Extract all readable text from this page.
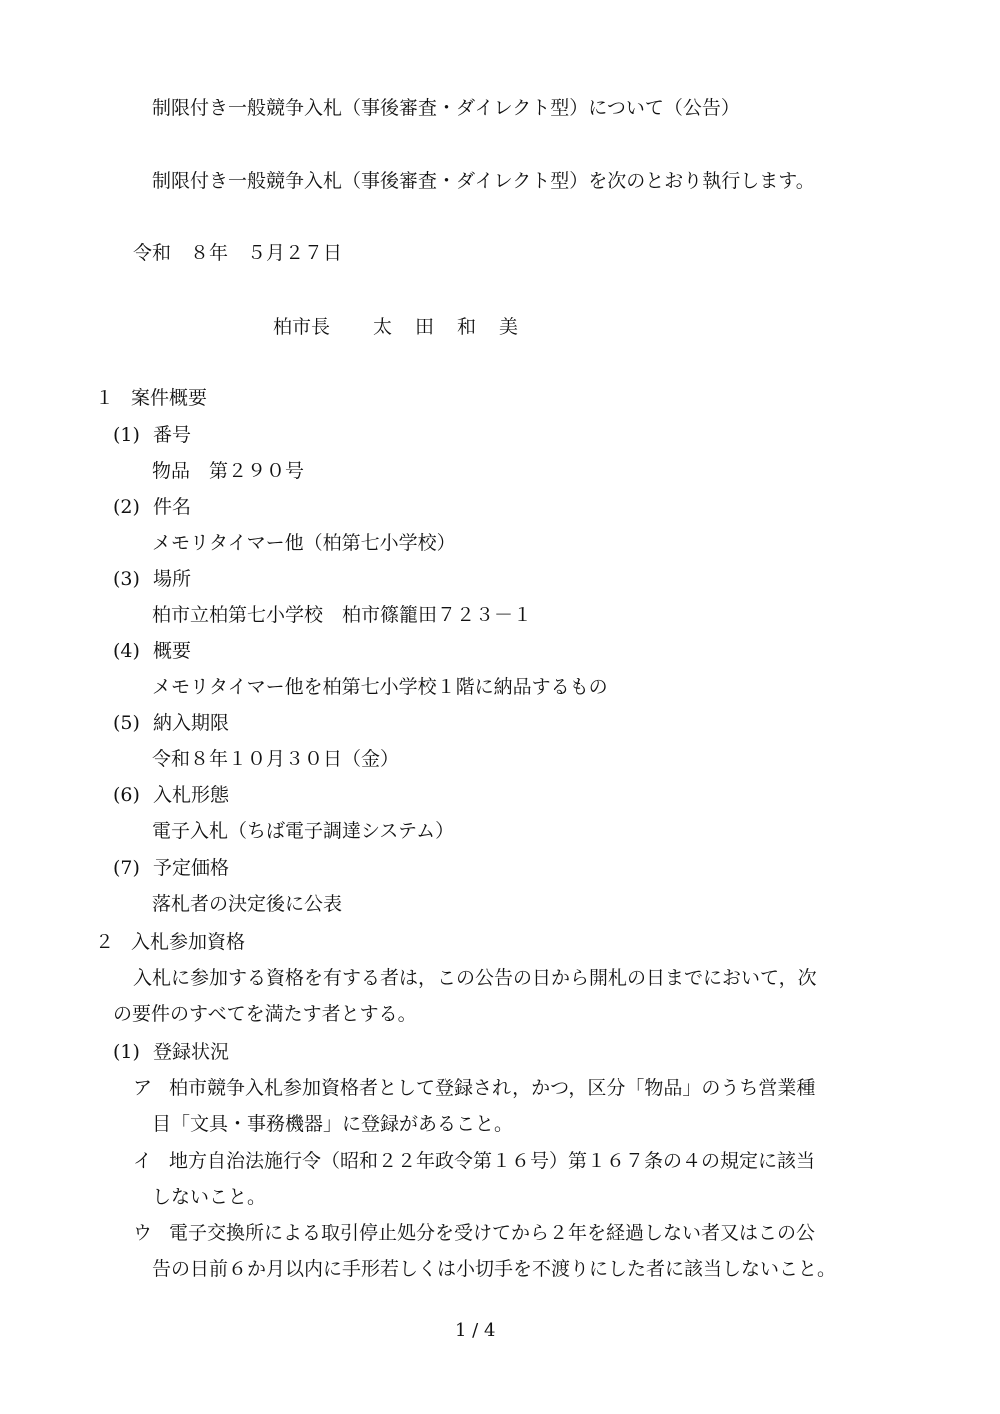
制限付き一般競争入札（事後審査・ダイレクト型）について（公告）
制限付き一般競争入札（事後審査・ダイレクト型）を次のとおり執行します。
令和　８年　５月２７日
柏市長 太 田 和 美
１ 案件概要
(1) 番号
物品　第２９０号
(2) 件名
メモリタイマー他（柏第七小学校）
(3) 場所
柏市立柏第七小学校　柏市篠籠田７２３－１
(4) 概要
メモリタイマー他を柏第七小学校１階に納品するもの
(5) 納入期限
令和８年１０月３０日（金）
(6) 入札形態
電子入札（ちば電子調達システム）
(7) 予定価格
落札者の決定後に公表
２ 入札参加資格
入札に参加する資格を有する者は，この公告の日から開札の日までにおいて，次
の要件のすべてを満たす者とする。
(1) 登録状況
ア 柏市競争入札参加資格者として登録され，かつ，区分「物品」のうち営業種
目「文具・事務機器」に登録があること。
イ 地方自治法施行令（昭和２２年政令第１６号）第１６７条の４の規定に該当
しないこと。
ウ 電子交換所による取引停止処分を受けてから２年を経過しない者又はこの公
告の日前６か月以内に手形若しくは小切手を不渡りにした者に該当しないこと。
1 / 4
